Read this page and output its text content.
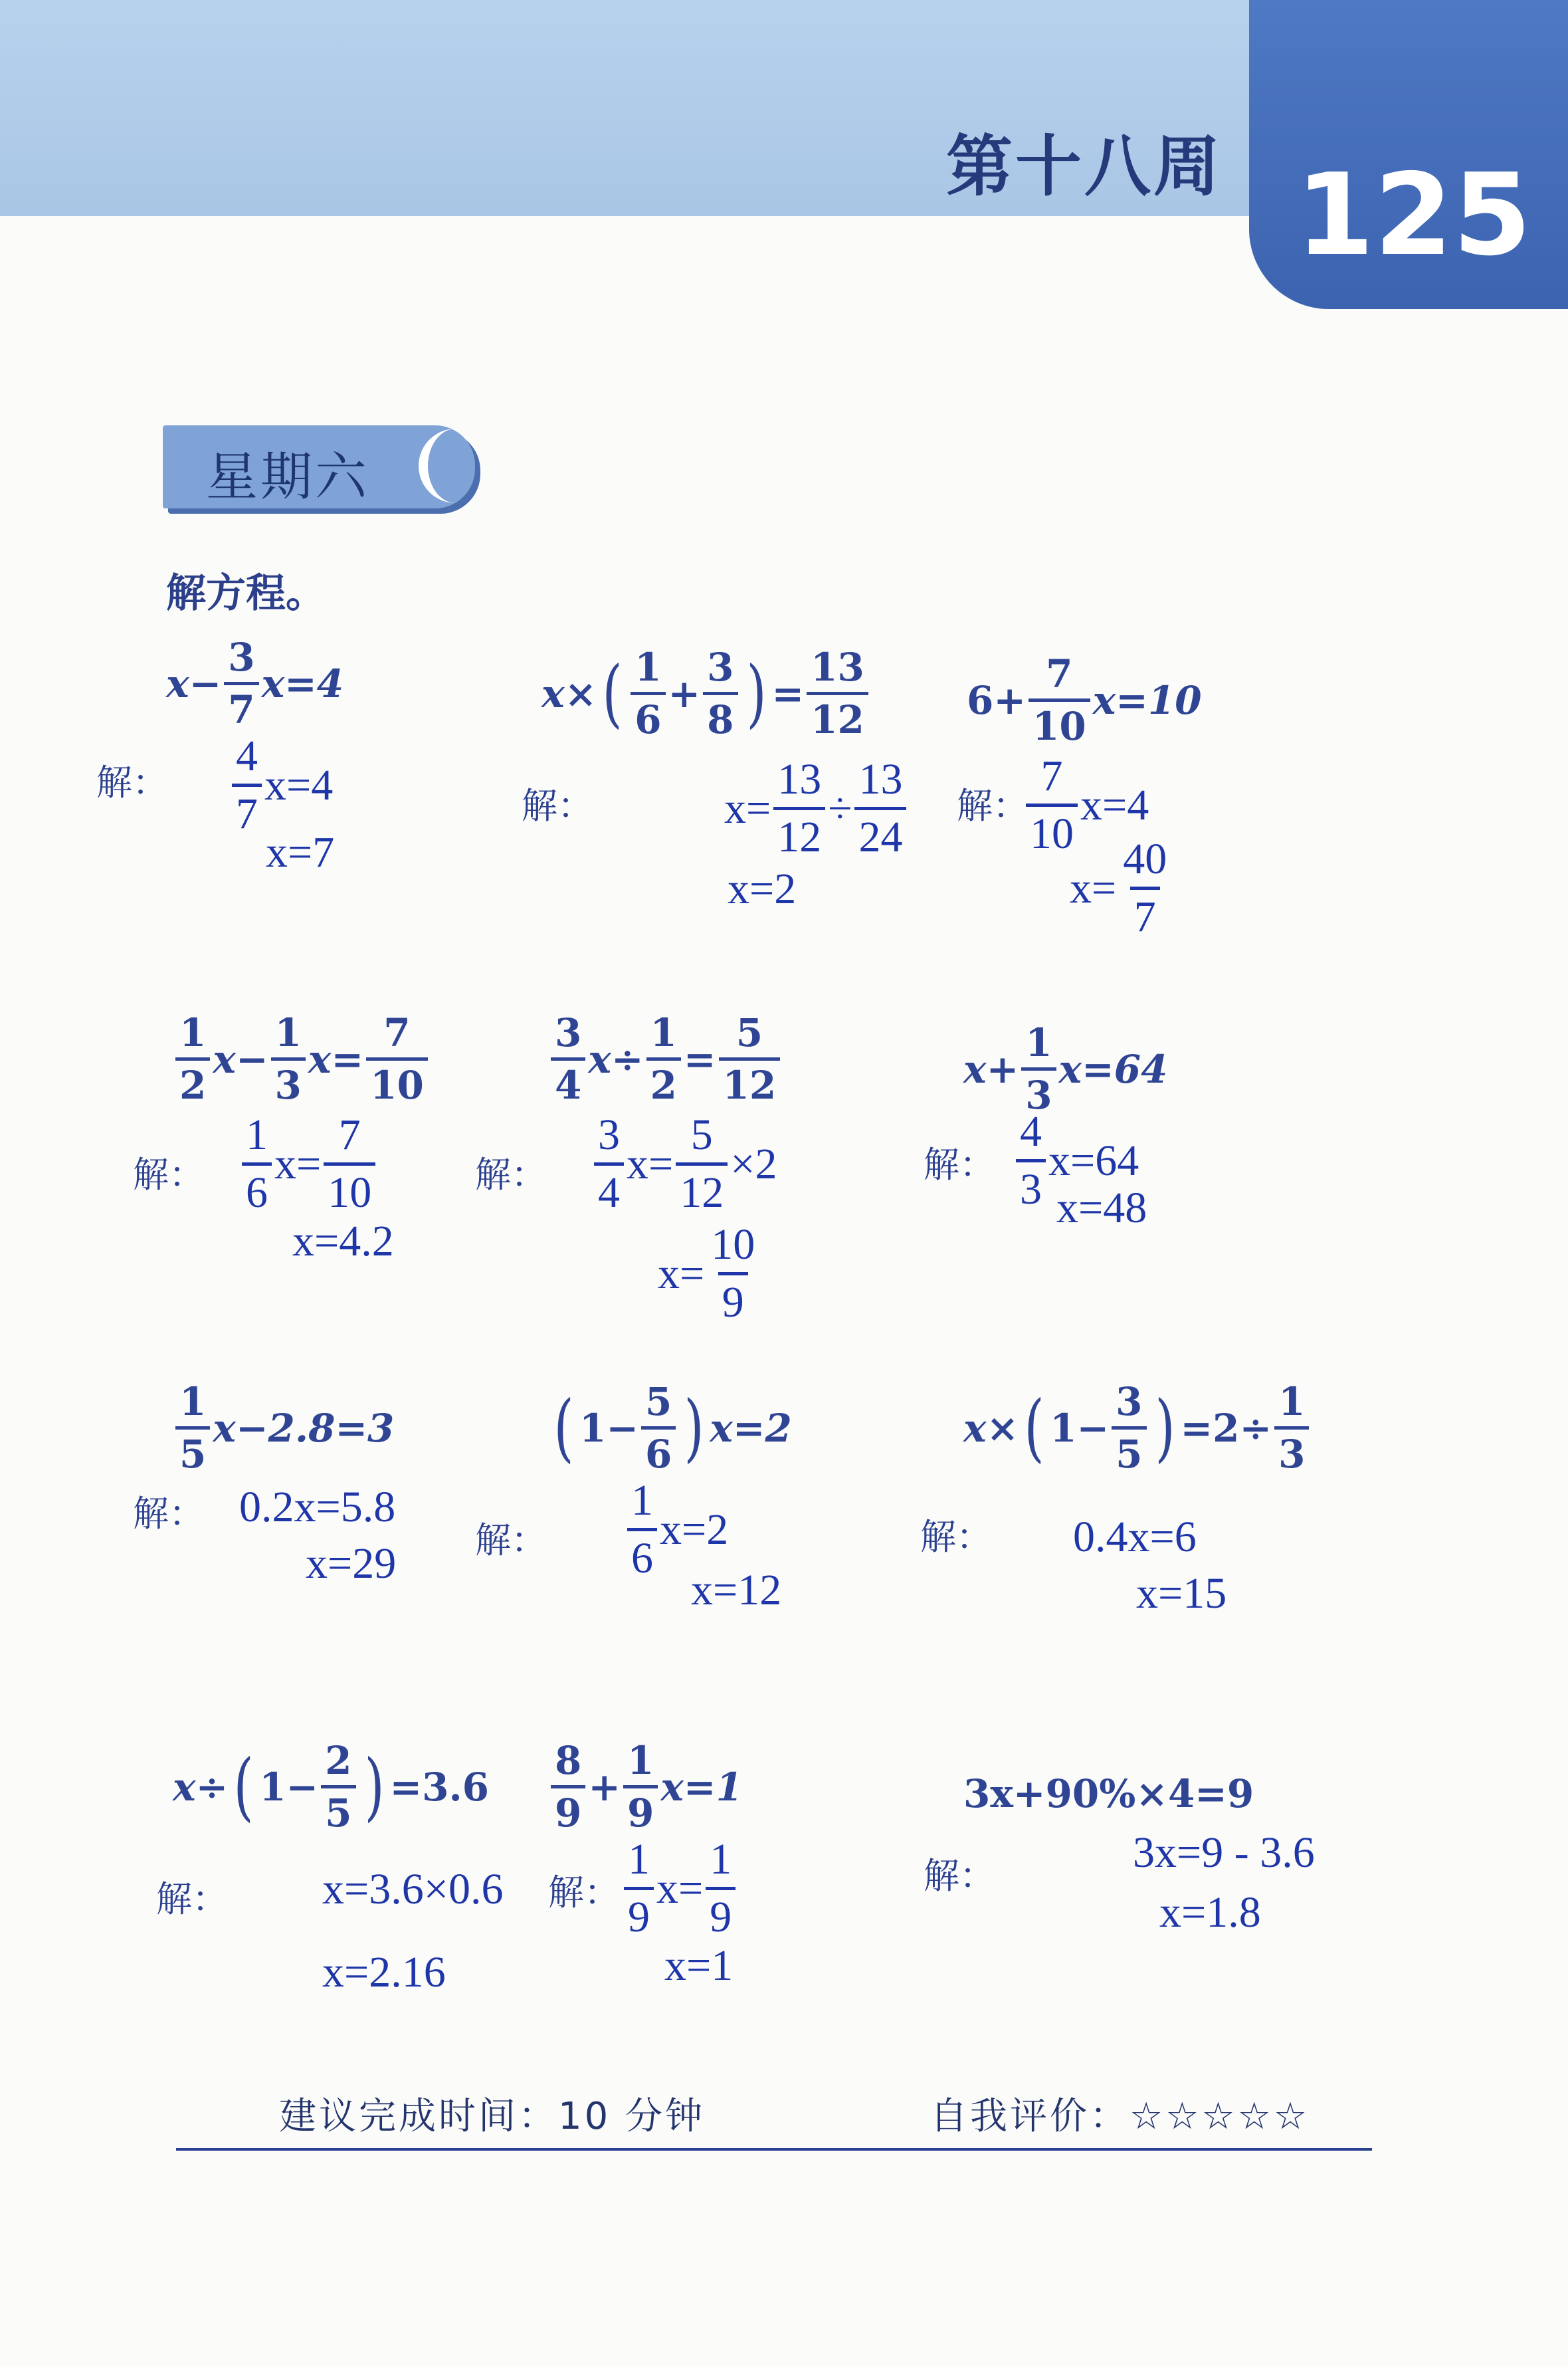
第十八周 125
星期六
解方程。
$x- \frac{3}{7} x=4$
解： $\frac{4}{7} x=4$
x=7
x× ( $\frac{1}{6} + \frac{3}{8}$ ) = $\frac{13}{12}$
解：	$x= \frac{13}{12} \div \frac{13}{24}$
x=2
$6+ \frac{7}{10} x=10$
解：
$\frac{7}{10} x=4$
$x= \frac{40}{7}$
$\frac{1}{2} x- \frac{1}{3} x= \frac{7}{10}$
解： $\frac{1}{6} x= \frac{7}{10}$
x=4.2
$\frac{3}{4} x\div \frac{1}{2} = \frac{5}{12}$
解： $\frac{3}{4} x= \frac{5}{12} \times 2$
$x= \frac{10}{9}$
$x+ \frac{1}{3} x=64$
解： $\frac{4}{3} x=64$
x=48
$\frac{1}{5} x-2.8=3$
解： 0.2x=5.8
x=29
( $1- \frac{5}{6}$ ) x=2
解： $\frac{1}{6} x=2$
x=12
x× ( $1- \frac{3}{5}$ ) $=2\div \frac{1}{3}$
解： 0.4x=6
x=15
x÷ ( $1- \frac{2}{5}$ ) =3.6
解： x=3.6×0.6
x=2.16
$\frac{8}{9} + \frac{1}{9} x=1$
解： $\frac{1}{9} x= \frac{1}{9}$
x=1
3x+90%×4=9
解：	3x=9 - 3.6
x=1.8
建议完成时间：10 分钟	自我评价：☆☆☆☆☆
